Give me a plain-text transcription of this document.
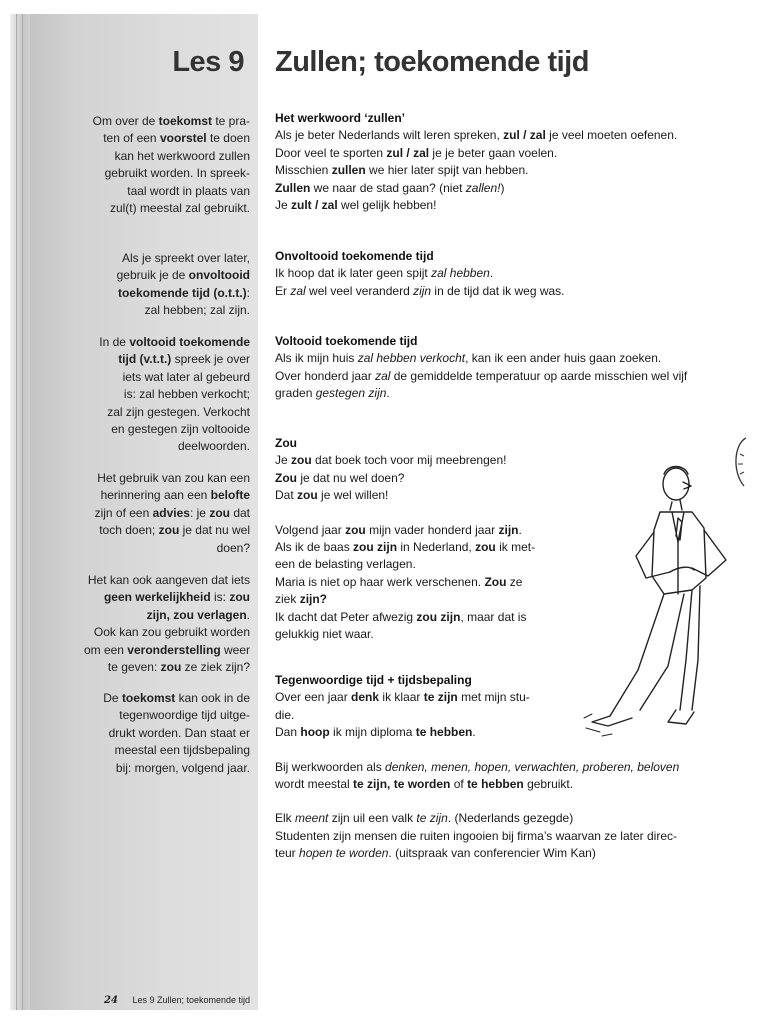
Les 9 Zullen; toekomende tijd
Om over de toekomst te pra-
ten of een voorstel te doen
kan het werkwoord zullen
gebruikt worden. In spreek-
taal wordt in plaats van
zul(t) meestal zal gebruikt.
Als je spreekt over later,
gebruik je de onvoltooid
toekomende tijd (o.t.t.):
zal hebben; zal zijn.
In de voltooid toekomende
tijd (v.t.t.) spreek je over
iets wat later al gebeurd
is: zal hebben verkocht;
zal zijn gestegen. Verkocht
en gestegen zijn voltooide
deelwoorden.
Het gebruik van zou kan een
herinnering aan een belofte
zijn of een advies: je zou dat
toch doen; zou je dat nu wel
doen?
Het kan ook aangeven dat iets
geen werkelijkheid is: zou
zijn, zou verlagen.
Ook kan zou gebruikt worden
om een veronderstelling weer
te geven: zou ze ziek zijn?
De toekomst kan ook in de
tegenwoordige tijd uitge-
drukt worden. Dan staat er
meestal een tijdsbepaling
bij: morgen, volgend jaar.
Het werkwoord ‘zullen’

Als je beter Nederlands wilt leren spreken, zul / zal je veel moeten oefenen.
Door veel te sporten zul / zal je je beter gaan voelen.
Misschien zullen we hier later spijt van hebben.
Zullen we naar de stad gaan? (niet zallen!)
Je zult / zal wel gelijk hebben!

Onvoltooid toekomende tijd

Ik hoop dat ik later geen spijt zal hebben.
Er zal wel veel veranderd zijn in de tijd dat ik weg was.

Voltooid toekomende tijd

Als ik mijn huis zal hebben verkocht, kan ik een ander huis gaan zoeken.
Over honderd jaar zal de gemiddelde temperatuur op aarde misschien wel vijf
graden gestegen zijn.

Zou

Je zou dat boek toch voor mij meebrengen!
Zou je dat nu wel doen?
Dat zou je wel willen!

Volgend jaar zou mijn vader honderd jaar zijn.
Als ik de baas zou zijn in Nederland, zou ik met-
een de belasting verlagen.
Maria is niet op haar werk verschenen. Zou ze
ziek zijn?
Ik dacht dat Peter afwezig zou zijn, maar dat is
gelukkig niet waar.

Tegenwoordige tijd + tijdsbepaling

Over een jaar denk ik klaar te zijn met mijn stu-
die.
Dan hoop ik mijn diploma te hebben.

Bij werkwoorden als denken, menen, hopen, verwachten, proberen, beloven
wordt meestal te zijn, te worden of te hebben gebruikt.

Elk meent zijn uil een valk te zijn. (Nederlands gezegde)
Studenten zijn mensen die ruiten ingooien bij firma’s waarvan ze later direc-
teur hopen te worden. (uitspraak van conferencier Wim Kan)

24 Les 9 Zullen; toekomende tijd
